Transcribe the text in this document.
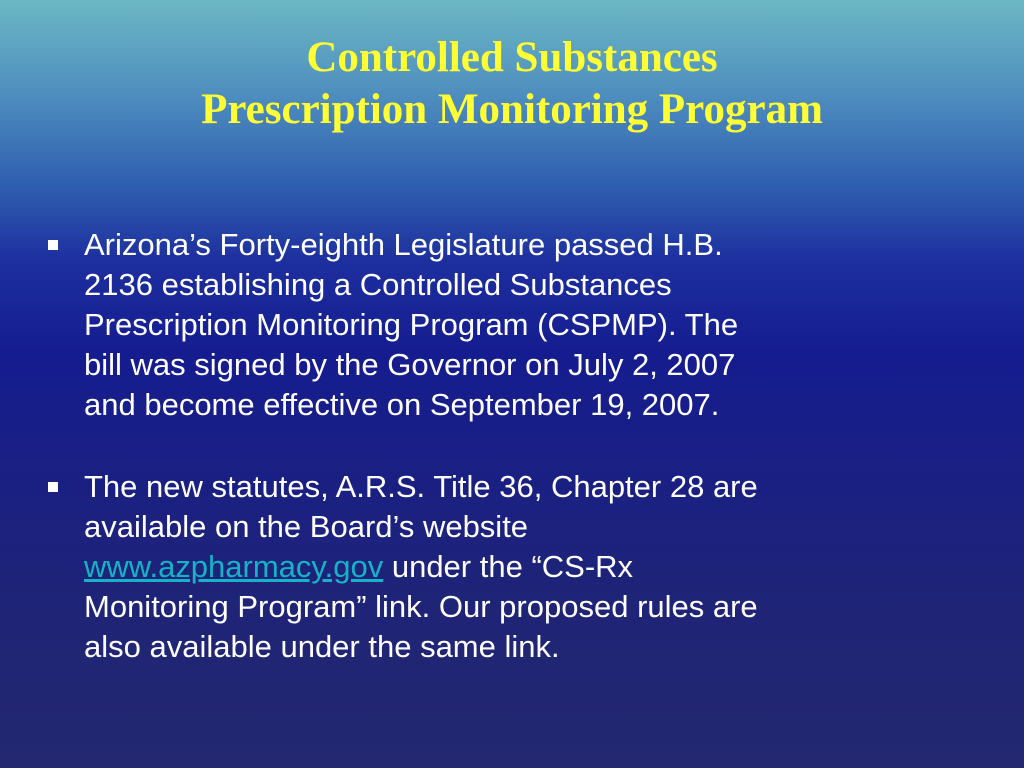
Controlled Substances
Prescription Monitoring Program
Arizona’s Forty-eighth Legislature passed H.B.
2136 establishing a Controlled Substances
Prescription Monitoring Program (CSPMP). The
bill was signed by the Governor on July 2, 2007
and become effective on September 19, 2007.
The new statutes, A.R.S. Title 36, Chapter 28 are
available on the Board’s website
www.azpharmacy.gov under the “CS-Rx
Monitoring Program” link. Our proposed rules are
also available under the same link.
